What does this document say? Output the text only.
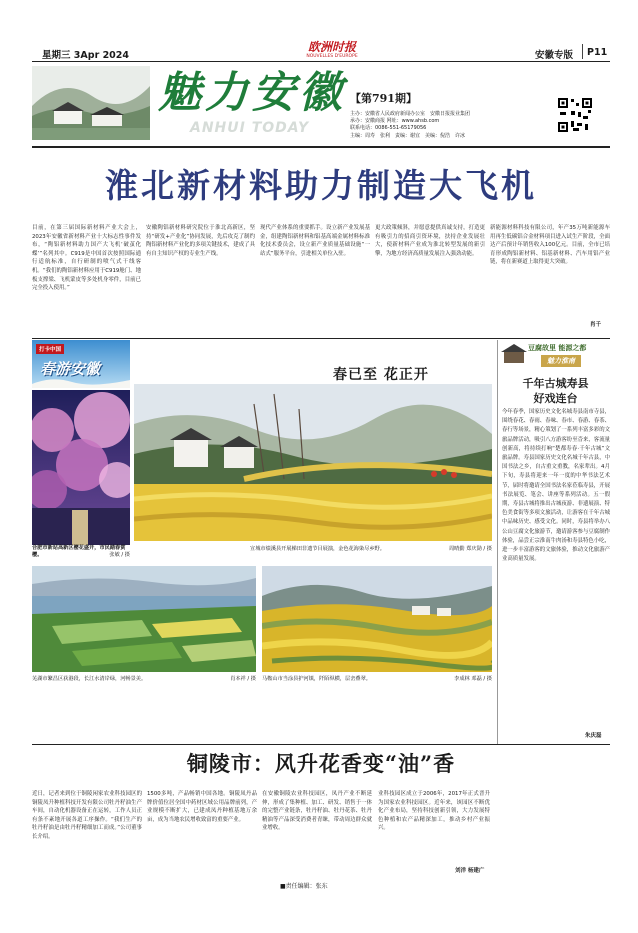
星期三 3Apr 2024
欧洲时报
NOUVELLES D'EUROPE	安徽专版 P11
魅力安徽
ANHUI TODAY
【第791期】
主办：安徽省人民政府新闻办公室　安徽日报报业集团
承办：安徽商报 网址：www.ahsb.com
联系电话：0086-551-65179056
主编：周寿　张利　责编：谢宜　美编：倪浩　许冰
淮北新材料助力制造大飞机
目前，在第三届国际新材料产业大会上，2023年安徽省新材料产业十大标志性事件发布，“陶铝新材料助力国产大飞机‘破茧化蝶’”名列其中。C919是中国首次按照国际通行适航标准，自行研制的喷气式干线客机。“我们的陶铝新材料应用于C919舱门、地板支撑梁、飞机蒙皮等多处机身零件，目前已完全投入使用。”
安徽陶铝新材料研究院位于淮北高新区，坚持“研发+产业化”协同发展，先后攻克了制约陶铝新材料产业化的多项关键技术，建成了具有自主知识产权的专业生产线。
现代产业体系的重要抓手。设立新产业发展基金，组建陶铝新材料和铝基高端金属材料标准化技术委员会，设立新产业质量基础设施“一站式”服务平台，引进相关单位入驻。
更大政策倾斜，并愿意提供真诚支持，打造更有吸引力的招商引资环境，扶持企业发展壮大，使新材料产业成为淮北转型发展的新引擎，为地方经济高质量发展注入强劲动能。
新能源材料科技有限公司，年产35万吨新能源车用再生低碳铝合金材料项目进入试生产阶段，全面达产后预计年销售收入100亿元。目前，全市已培育形成陶铝新材料、铝基新材料、汽车用铝产业链，将在新赛道上取得更大突破。
肖千
打卡中国
春游安徽
合肥市新站高新区樱花盛开，市民踏春赏樱。	张敏 / 摄
春已至 花正开
宣城市绩溪县开展梯田非遗节目展演，金色花海染尽乡野。	周晴勤 郑庆勋 / 摄
芜湖市繁昌区获港段，长江水清岸绿，河畅景美。	肖本祥 / 摄 马鞍山市当涂县护河镇，阡陌纵横，层峦叠翠。	李成林 邓磊 / 摄
豆腐故里 能源之都
魅力淮南
千年古城寿县
好戏连台
今年春季，国家历史文化名城寿县南市寺县，围绕春花、春雨、春味、春市、春游、春茶、春行等场景，精心策划了一系列丰富多彩的文旅品牌活动，吸引八方游客纷至沓来，客流量创新高，将持续打响“楚都寿春·千年古城”文旅品牌。寿县国家历史文化名城千年古县，中国书法之乡，自古重文重教，名家辈出。4月下旬，寿县将迎来一年一度的中华书法艺术节，届时将邀请全国书法名家莅临寿县，开展书法展览、笔会、讲座等系列活动。五一假期，寿县古城将推出古城夜游、非遗展演、特色美食街等多项文旅活动，让游客在千年古城中品味历史、感受文化。同时，寿县将举办八公山豆腐文化旅游节，邀请游客参与豆腐制作体验，品尝正宗淮南牛肉汤和寿县特色小吃，进一步丰富游客的文旅体验，推动文化旅游产业高质量发展。
朱庆磊
铜陵市：风升花香变“油”香
近日，记者来到位于铜陵闲家农业科技园区的铜陵凤升种植科技开发有限公司牡丹籽油生产车间，自动化机器设备正在运转，工作人员正有条不紊地开展各道工序操作。“我们生产的牡丹籽油是由牡丹籽精细加工而成。”公司董事长介绍。
1500多吨，产品畅销中国各地。铜陵凤丹品牌价值位居全国中药材区域公用品牌前列，产业规模不断扩大，已建成凤丹种植基地万余亩，成为当地农民增收致富的重要产业。
在安徽铜陵农业科技园区，凤丹产业不断延伸，形成了集种植、加工、研发、销售于一体的完整产业链条，牡丹籽油、牡丹花茶、牡丹精油等产品深受消费者青睐，带动周边群众就业增收。
业科技园区成立于2006年，2017年正式晋升为国家农业科技园区。近年来，该园区不断优化产业布局，坚持科技创新引领，大力发展特色种植和农产品精深加工，推动乡村产业振兴。
刘洋 杨建广
■责任编辑：张东
